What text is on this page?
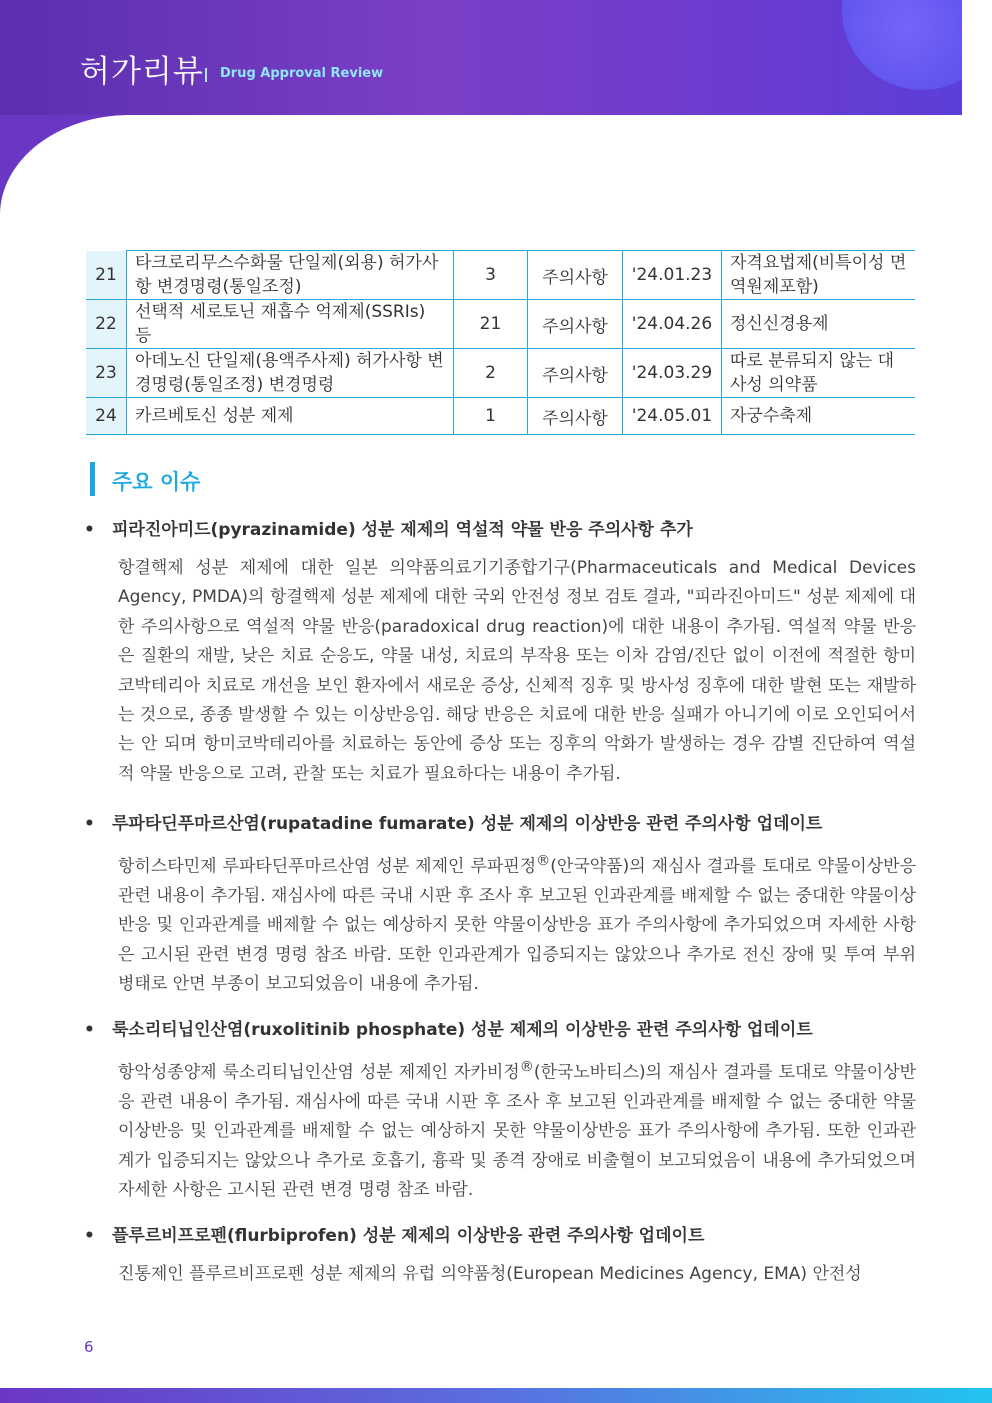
허가리뷰 Drug Approval Review
21	타크로리무스수화물 단일제(외용) 허가사항 변경명령(통일조정)	3	주의사항	'24.01.23	자격요법제(비특이성 면역원제포함)
22	선택적 세로토닌 재흡수 억제제(SSRIs) 등	21	주의사항	'24.04.26	정신신경용제
23	아데노신 단일제(용액주사제) 허가사항 변경명령(통일조정) 변경명령	2	주의사항	'24.03.29	따로 분류되지 않는 대사성 의약품
24	카르베토신 성분 제제	1	주의사항	'24.05.01	자궁수축제
주요 이슈
• 피라진아미드(pyrazinamide) 성분 제제의 역설적 약물 반응 주의사항 추가
항결핵제 성분 제제에 대한 일본 의약품의료기기종합기구(Pharmaceuticals and Medical Devices Agency, PMDA)의 항결핵제 성분 제제에 대한 국외 안전성 정보 검토 결과, "피라진아미드" 성분 제제에 대한 주의사항으로 역설적 약물 반응(paradoxical drug reaction)에 대한 내용이 추가됨. 역설적 약물 반응은 질환의 재발, 낮은 치료 순응도, 약물 내성, 치료의 부작용 또는 이차 감염/진단 없이 이전에 적절한 항미코박테리아 치료로 개선을 보인 환자에서 새로운 증상, 신체적 징후 및 방사성 징후에 대한 발현 또는 재발하는 것으로, 종종 발생할 수 있는 이상반응임. 해당 반응은 치료에 대한 반응 실패가 아니기에 이로 오인되어서는 안 되며 항미코박테리아를 치료하는 동안에 증상 또는 징후의 악화가 발생하는 경우 감별 진단하여 역설적 약물 반응으로 고려, 관찰 또는 치료가 필요하다는 내용이 추가됨.
• 루파타딘푸마르산염(rupatadine fumarate) 성분 제제의 이상반응 관련 주의사항 업데이트
항히스타민제 루파타딘푸마르산염 성분 제제인 루파핀정®(안국약품)의 재심사 결과를 토대로 약물이상반응 관련 내용이 추가됨. 재심사에 따른 국내 시판 후 조사 후 보고된 인과관계를 배제할 수 없는 중대한 약물이상반응 및 인과관계를 배제할 수 없는 예상하지 못한 약물이상반응 표가 주의사항에 추가되었으며 자세한 사항은 고시된 관련 변경 명령 참조 바람. 또한 인과관계가 입증되지는 않았으나 추가로 전신 장애 및 투여 부위 병태로 안면 부종이 보고되었음이 내용에 추가됨.
• 룩소리티닙인산염(ruxolitinib phosphate) 성분 제제의 이상반응 관련 주의사항 업데이트
항악성종양제 룩소리티닙인산염 성분 제제인 자카비정®(한국노바티스)의 재심사 결과를 토대로 약물이상반응 관련 내용이 추가됨. 재심사에 따른 국내 시판 후 조사 후 보고된 인과관계를 배제할 수 없는 중대한 약물이상반응 및 인과관계를 배제할 수 없는 예상하지 못한 약물이상반응 표가 주의사항에 추가됨. 또한 인과관계가 입증되지는 않았으나 추가로 호흡기, 흉곽 및 종격 장애로 비출혈이 보고되었음이 내용에 추가되었으며 자세한 사항은 고시된 관련 변경 명령 참조 바람.
• 플루르비프로펜(flurbiprofen) 성분 제제의 이상반응 관련 주의사항 업데이트
진통제인 플루르비프로펜 성분 제제의 유럽 의약품청(European Medicines Agency, EMA) 안전성
6
